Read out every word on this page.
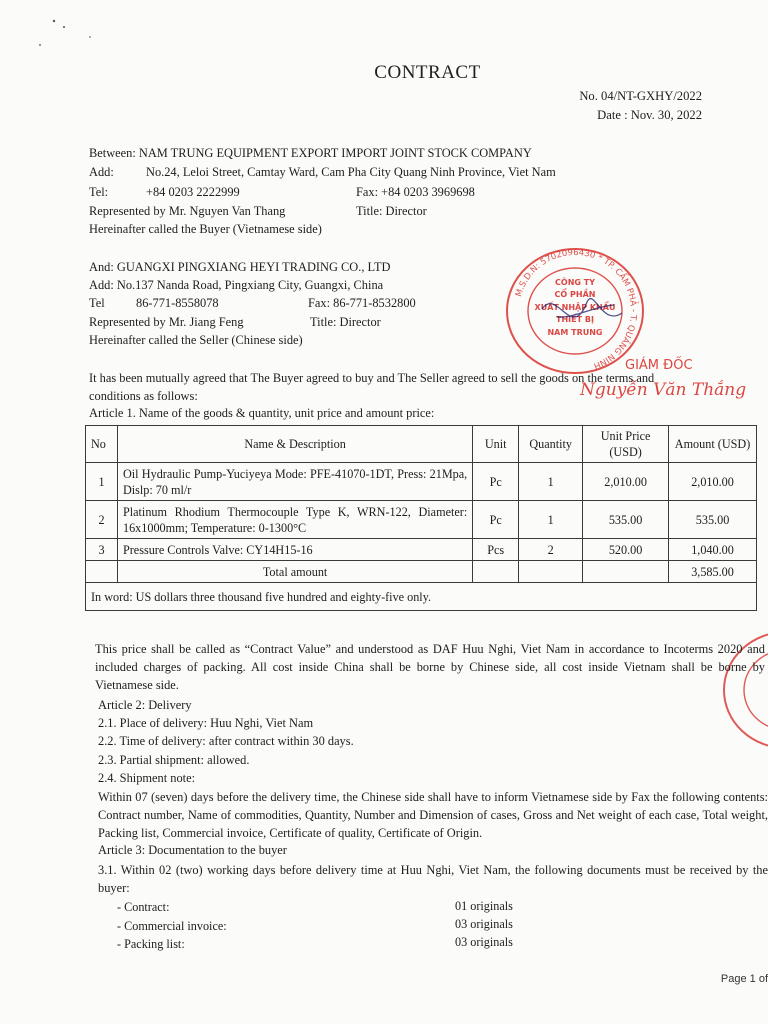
CONTRACT
No. 04/NT-GXHY/2022
Date : Nov. 30, 2022
Between: NAM TRUNG EQUIPMENT EXPORT IMPORT JOINT STOCK COMPANY
Add:	No.24, Leloi Street, Camtay Ward, Cam Pha City Quang Ninh Province, Viet Nam
Tel:	+84 0203 2222999	Fax: +84 0203 3969698
Represented by Mr. Nguyen Van Thang	Title: Director
Hereinafter called the Buyer (Vietnamese side)
And: GUANGXI PINGXIANG HEYI TRADING CO., LTD
Add: No.137 Nanda Road, Pingxiang City, Guangxi, China
Tel	86-771-8558078	Fax: 86-771-8532800
Represented by Mr. Jiang Feng	Title: Director
Hereinafter called the Seller (Chinese side)
M.S.D.N: 5702096430 * TP. CẨM PHẢ - T. QUẢNG NINH
CÔNG TY
CỔ PHẦN
XUẤT NHẬP KHẨU
THIẾT BỊ
NAM TRUNG
GIÁM ĐỐC
Nguyễn Văn Thắng
It has been mutually agreed that The Buyer agreed to buy and The Seller agreed to sell the goods on the terms and
conditions as follows:
Article 1. Name of the goods & quantity, unit price and amount price:
No	Name & Description	Unit	Quantity	Unit Price (USD)	Amount (USD)
1	Oil Hydraulic Pump-Yuciyeya Mode: PFE-41070-1DT, Press: 21Mpa, Dislp: 70 ml/r	Pc	1	2,010.00	2,010.00
2	Platinum Rhodium Thermocouple Type K, WRN-122, Diameter: 16x1000mm; Temperature: 0-1300°C	Pc	1	535.00	535.00
3	Pressure Controls Valve: CY14H15-16	Pcs	2	520.00	1,040.00
	Total amount				3,585.00
In word: US dollars three thousand five hundred and eighty-five only.					
This price shall be called as “Contract Value” and understood as DAF Huu Nghi, Viet Nam in accordance to Incoterms 2020 and included charges of packing. All cost inside China shall be borne by Chinese side, all cost inside Vietnam shall be borne by Vietnamese side.
Article 2: Delivery
2.1. Place of delivery: Huu Nghi, Viet Nam
2.2. Time of delivery: after contract within 30 days.
2.3. Partial shipment: allowed.
2.4. Shipment note:
Within 07 (seven) days before the delivery time, the Chinese side shall have to inform Vietnamese side by Fax the following contents: Contract number, Name of commodities, Quantity, Number and Dimension of cases, Gross and Net weight of each case, Total weight, Packing list, Commercial invoice, Certificate of quality, Certificate of Origin.
Article 3: Documentation to the buyer
3.1. Within 02 (two) working days before delivery time at Huu Nghi, Viet Nam, the following documents must be received by the buyer:
- Contract:	01 originals
- Commercial invoice:	03 originals
- Packing list:	03 originals
Page 1 of
